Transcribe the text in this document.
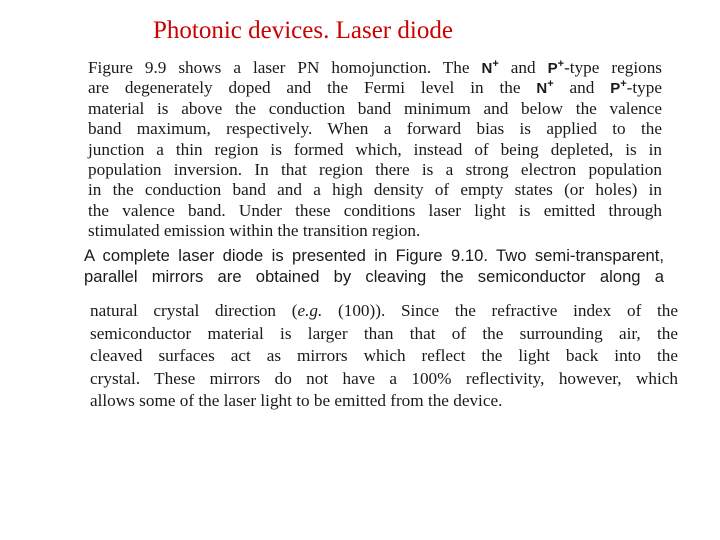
Photonic devices. Laser diode
Figure 9.9 shows a laser PN homojunction. The N+ and P+-type regions
are degenerately doped and the Fermi level in the N+ and P+-type
material is above the conduction band minimum and below the valence
band maximum, respectively. When a forward bias is applied to the
junction a thin region is formed which, instead of being depleted, is in
population inversion. In that region there is a strong electron population
in the conduction band and a high density of empty states (or holes) in
the valence band. Under these conditions laser light is emitted through
stimulated emission within the transition region.
A complete laser diode is presented in Figure 9.10. Two semi-transparent,
parallel mirrors are obtained by cleaving the semiconductor along a
natural crystal direction (e.g. (100)). Since the refractive index of the
semiconductor material is larger than that of the surrounding air, the
cleaved surfaces act as mirrors which reflect the light back into the
crystal. These mirrors do not have a 100% reflectivity, however, which
allows some of the laser light to be emitted from the device.
